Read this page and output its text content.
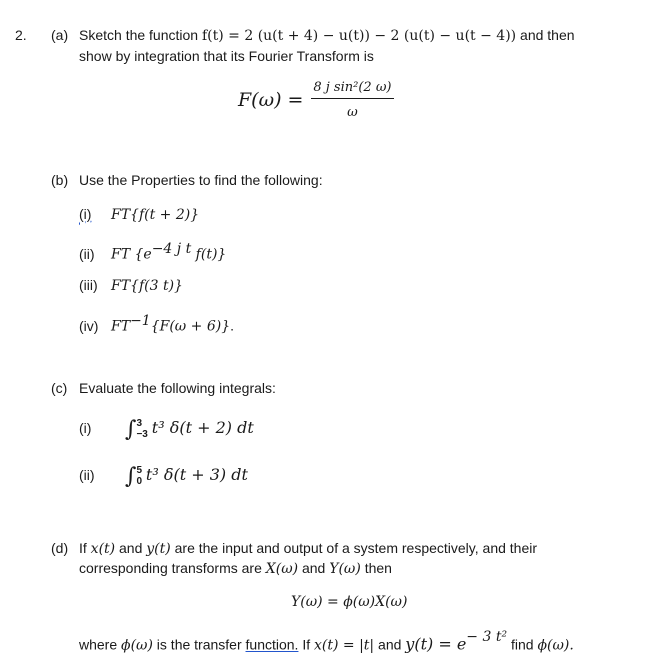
2. (a) Sketch the function f(t) = 2 (u(t + 4) − u(t)) − 2 (u(t) − u(t − 4)) and then
show by integration that its Fourier Transform is
$F(\omega) = \frac{\text{8 j sin²(2 ω)}}{\omega}$
(b) Use the Properties to find the following:
(i) FT{f(t + 2)}
(ii) FT {$e^{-4 j t}$ f(t)}
(iii) FT{f(3 t)}
(iv) $FT^{-1}\{F(\omega + 6)\}$.
(c) Evaluate the following integrals:
(i) ∫ 3
−3 t³ δ(t + 2) dt
(ii) ∫ 5
0 t³ δ(t + 3) dt
(d) If x(t) and y(t) are the input and output of a system respectively, and their
corresponding transforms are X(ω) and Y(ω) then
Y(ω) = ϕ(ω)X(ω)
where ϕ(ω) is the transfer function. If x(t) = |t| and $y(t) = e^{- 3 t^2}$ find ϕ(ω).
